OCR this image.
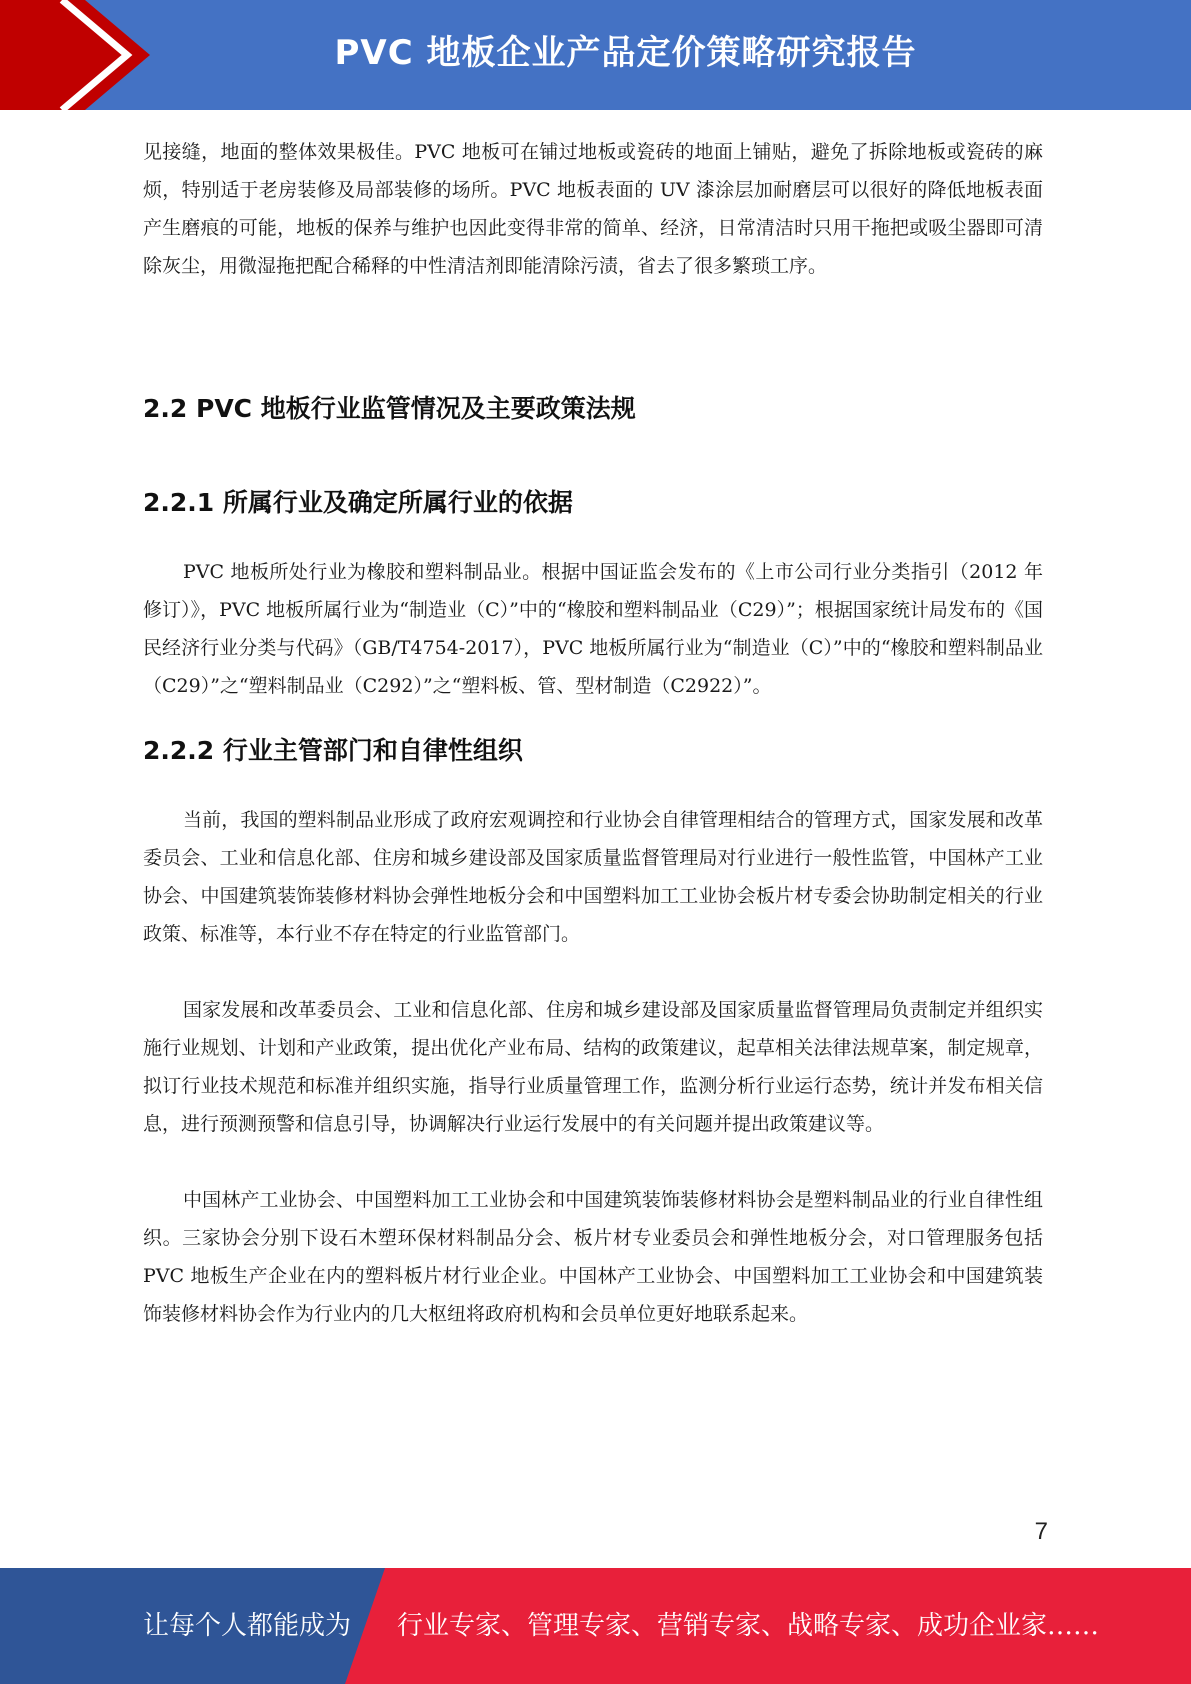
PVC 地板企业产品定价策略研究报告

见接缝，地面的整体效果极佳。PVC 地板可在铺过地板或瓷砖的地面上铺贴，避免了拆除地板或瓷砖的麻烦，特别适于老房装修及局部装修的场所。PVC 地板表面的 UV 漆涂层加耐磨层可以很好的降低地板表面产生磨痕的可能，地板的保养与维护也因此变得非常的简单、经济，日常清洁时只用干拖把或吸尘器即可清除灰尘，用微湿拖把配合稀释的中性清洁剂即能清除污渍，省去了很多繁琐工序。

2.2 PVC 地板行业监管情况及主要政策法规
2.2.1 所属行业及确定所属行业的依据

PVC 地板所处行业为橡胶和塑料制品业。根据中国证监会发布的《上市公司行业分类指引（2012 年修订）》，PVC 地板所属行业为“制造业（C）”中的“橡胶和塑料制品业（C29）”；根据国家统计局发布的《国民经济行业分类与代码》（GB/T4754-2017），PVC 地板所属行业为“制造业（C）”中的“橡胶和塑料制品业（C29）”之“塑料制品业（C292）”之“塑料板、管、型材制造（C2922）”。

2.2.2 行业主管部门和自律性组织

当前，我国的塑料制品业形成了政府宏观调控和行业协会自律管理相结合的管理方式，国家发展和改革委员会、工业和信息化部、住房和城乡建设部及国家质量监督管理局对行业进行一般性监管，中国林产工业协会、中国建筑装饰装修材料协会弹性地板分会和中国塑料加工工业协会板片材专委会协助制定相关的行业政策、标准等，本行业不存在特定的行业监管部门。

国家发展和改革委员会、工业和信息化部、住房和城乡建设部及国家质量监督管理局负责制定并组织实施行业规划、计划和产业政策，提出优化产业布局、结构的政策建议，起草相关法律法规草案，制定规章，拟订行业技术规范和标准并组织实施，指导行业质量管理工作，监测分析行业运行态势，统计并发布相关信息，进行预测预警和信息引导，协调解决行业运行发展中的有关问题并提出政策建议等。

中国林产工业协会、中国塑料加工工业协会和中国建筑装饰装修材料协会是塑料制品业的行业自律性组织。三家协会分别下设石木塑环保材料制品分会、板片材专业委员会和弹性地板分会，对口管理服务包括 PVC 地板生产企业在内的塑料板片材行业企业。中国林产工业协会、中国塑料加工工业协会和中国建筑装饰装修材料协会作为行业内的几大枢纽将政府机构和会员单位更好地联系起来。

7
让每个人都能成为 行业专家、管理专家、营销专家、战略专家、成功企业家……
